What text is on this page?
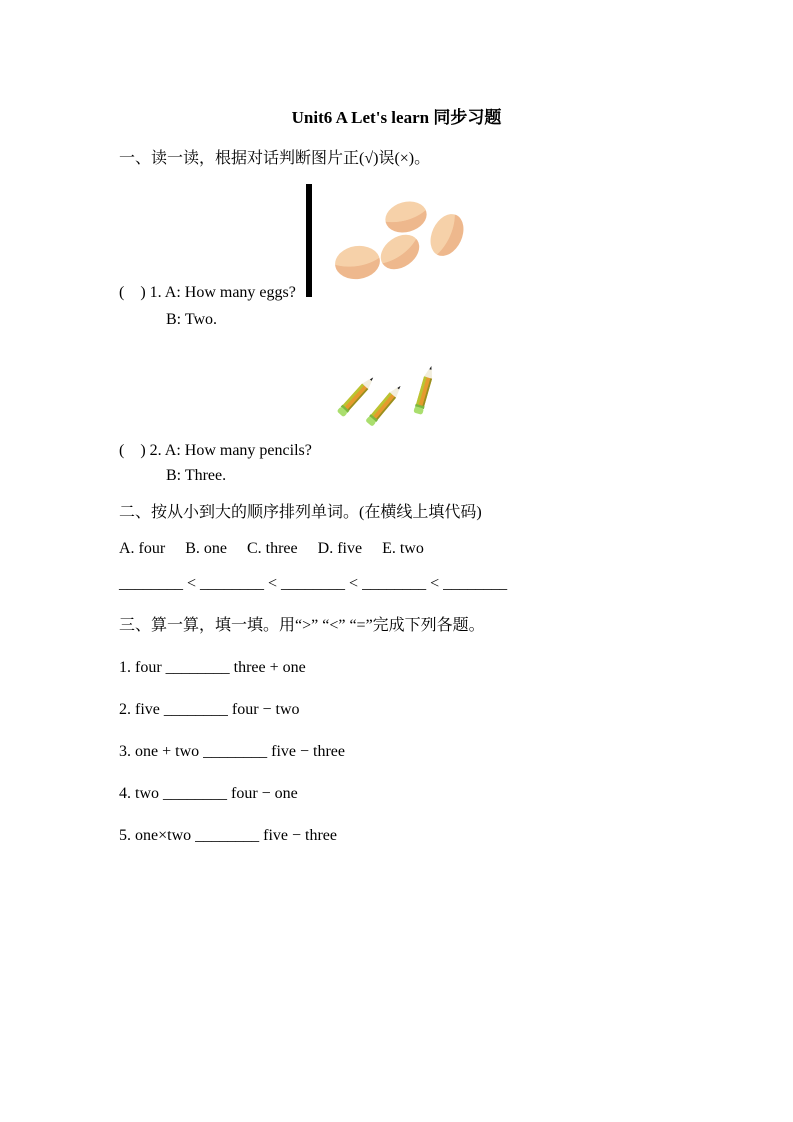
Unit6 A Let's learn 同步习题
一、读一读，根据对话判断图片正(√)误(×)。
(    ) 1. A: How many eggs?
B: Two.
(    ) 2. A: How many pencils?
B: Three.
二、按从小到大的顺序排列单词。(在横线上填代码)
A. four     B. one     C. three     D. five     E. two
________ < ________ < ________ < ________ < ________
三、算一算，填一填。用“>” “<” “=”完成下列各题。
1. four ________ three + one
2. five ________ four − two
3. one + two ________ five − three
4. two ________ four − one
5. one×two ________ five − three
